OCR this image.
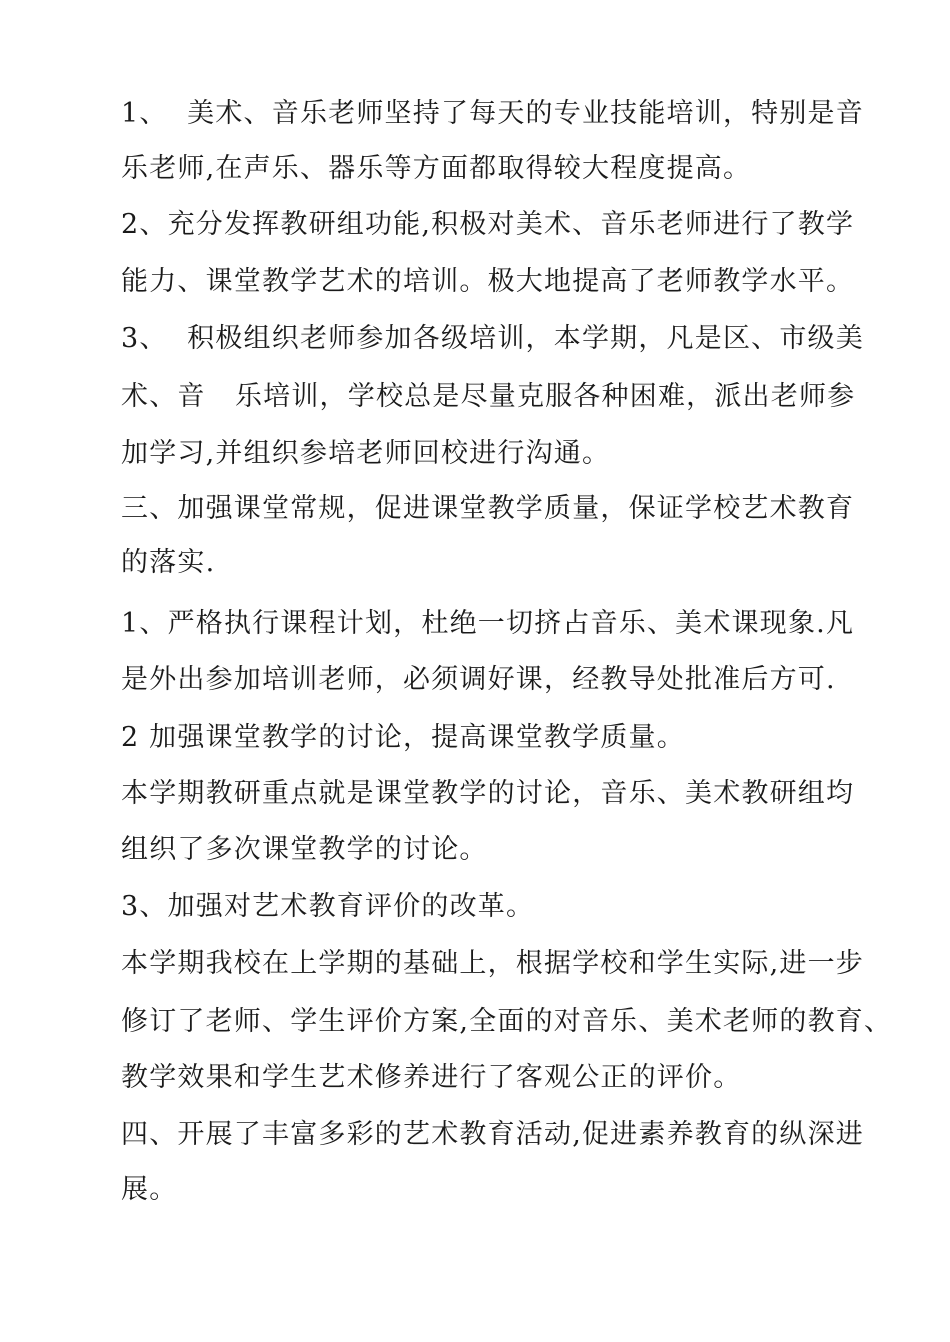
1、  美术、音乐老师坚持了每天的专业技能培训，特别是音
乐老师,在声乐、器乐等方面都取得较大程度提高。
2、充分发挥教研组功能,积极对美术、音乐老师进行了教学
能力、课堂教学艺术的培训。极大地提高了老师教学水平。
3、  积极组织老师参加各级培训，本学期，凡是区、市级美
术、音   乐培训，学校总是尽量克服各种困难，派出老师参
加学习,并组织参培老师回校进行沟通。
三、加强课堂常规，促进课堂教学质量，保证学校艺术教育
的落实.
1、严格执行课程计划，杜绝一切挤占音乐、美术课现象.凡
是外出参加培训老师，必须调好课，经教导处批准后方可.
2 加强课堂教学的讨论，提高课堂教学质量。
本学期教研重点就是课堂教学的讨论，音乐、美术教研组均
组织了多次课堂教学的讨论。
3、加强对艺术教育评价的改革。
本学期我校在上学期的基础上，根据学校和学生实际,进一步
修订了老师、学生评价方案,全面的对音乐、美术老师的教育、
教学效果和学生艺术修养进行了客观公正的评价。
四、开展了丰富多彩的艺术教育活动,促进素养教育的纵深进
展。
